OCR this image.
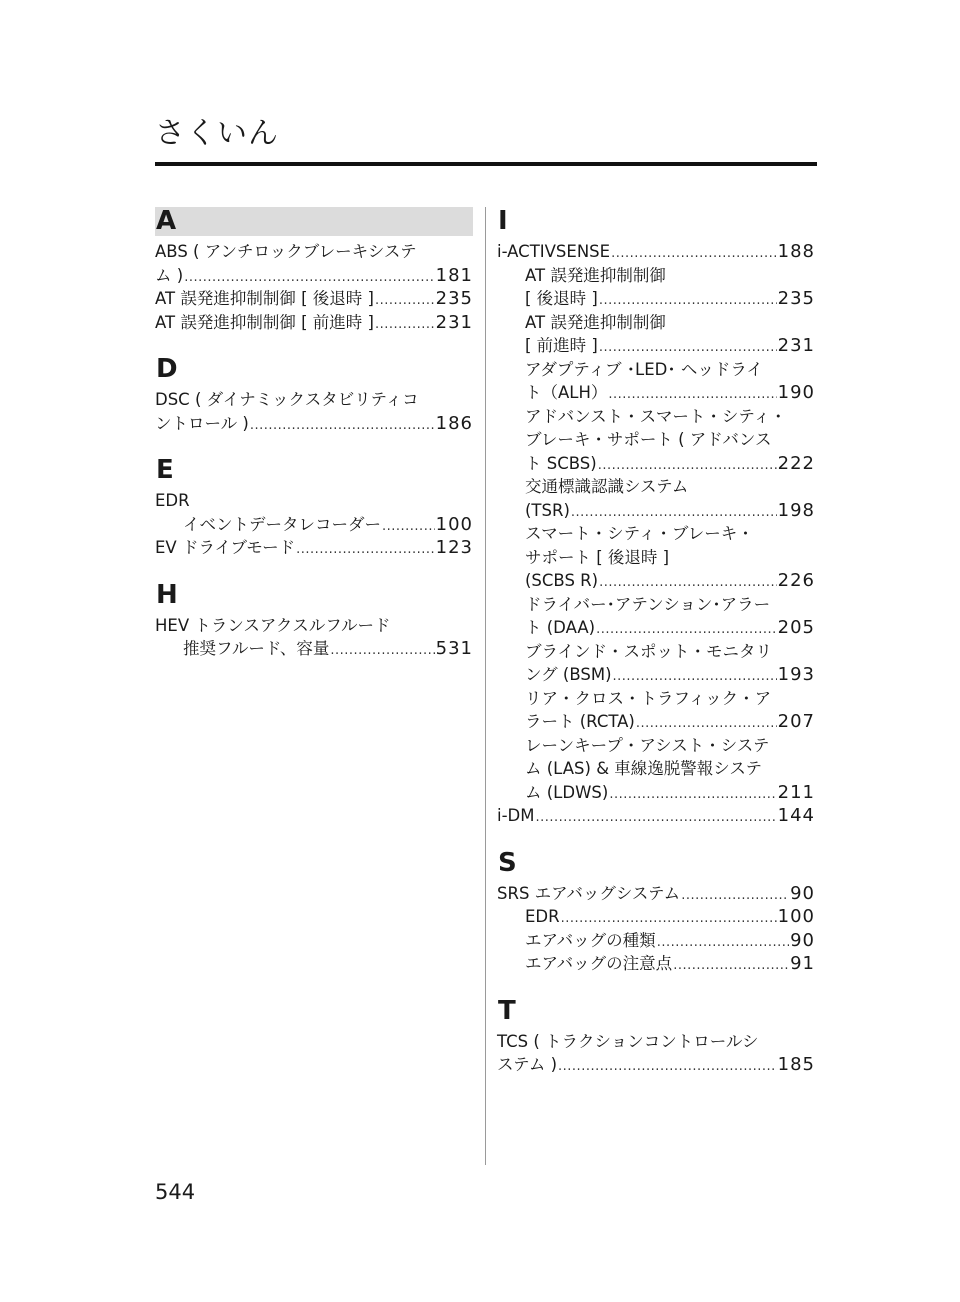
さくいん
A
ABS ( アンチロックブレーキシステ
ム ) .....	181
AT 誤発進抑制制御 [ 後退時 ] .....	235
AT 誤発進抑制制御 [ 前進時 ] .....	231
D
DSC ( ダイナミックスタビリティコ
ントロール ) .....	186
E
EDR
イベントデータレコーダー .....	100
EV ドライブモード .....	123
H
HEV トランスアクスルフルード
推奨フルード、容量 .....	531
I
i-ACTIVSENSE .....	188
AT 誤発進抑制制御
[ 後退時 ] .....	235
AT 誤発進抑制制御
[ 前進時 ] .....	231
アダプティブ ･LED･ ヘッドライ
ト（ALH） .....	190
アドバンスト・スマート・シティ・
ブレーキ・サポート ( アドバンス
ト SCBS) .....	222
交通標識認識システム
(TSR) .....	198
スマート・シティ・ブレーキ・
サポート [ 後退時 ]
(SCBS R) .....	226
ドライバー･アテンション･アラー
ト (DAA) .....	205
ブラインド・スポット・モニタリ
ング (BSM) .....	193
リア・クロス・トラフィック・ア
ラート (RCTA) .....	207
レーンキープ・アシスト・システ
ム (LAS) & 車線逸脱警報システ
ム (LDWS) .....	211
i-DM .....	144
S
SRS エアバッグシステム .....	90
EDR .....	100
エアバッグの種類 .....	90
エアバッグの注意点 .....	91
T
TCS ( トラクションコントロールシ
ステム ) .....	185
544
